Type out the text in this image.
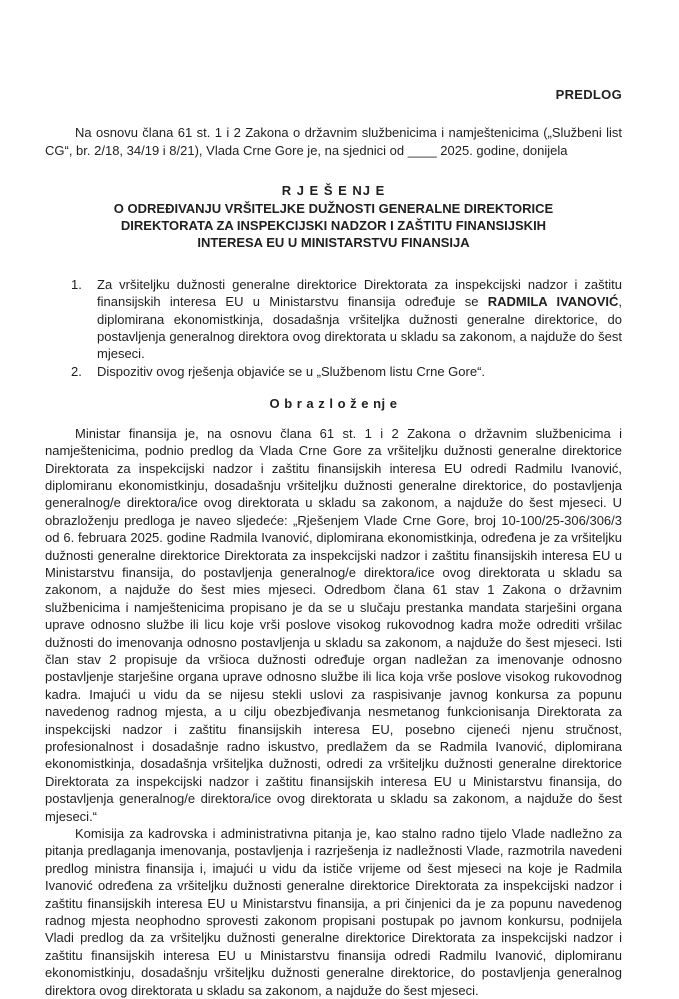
PREDLOG

Na osnovu člana 61 st. 1 i 2 Zakona o državnim službenicima i namještenicima („Službeni list CG“, br. 2/18, 34/19 i 8/21), Vlada Crne Gore je, na sjednici od ____ 2025. godine, donijela

R J E Š E NJ E
O ODREĐIVANJU VRŠITELJKE DUŽNOSTI GENERALNE DIREKTORICE DIREKTORATA ZA INSPEKCIJSKI NADZOR I ZAŠTITU FINANSIJSKIH INTERESA EU U MINISTARSTVU FINANSIJA
1.	Za vršiteljku dužnosti generalne direktorice Direktorata za inspekcijski nadzor i zaštitu finansijskih interesa EU u Ministarstvu finansija određuje se RADMILA IVANOVIĆ, diplomirana ekonomistkinja, dosadašnja vršiteljka dužnosti generalne direktorice, do postavljenja generalnog direktora ovog direktorata u skladu sa zakonom, a najduže do šest mjeseci.
2.	Dispozitiv ovog rješenja objaviće se u „Službenom listu Crne Gore“.
O b r a z l o ž e nj e

Ministar finansija je, na osnovu člana 61 st. 1 i 2 Zakona o državnim službenicima i namještenicima, podnio predlog da Vlada Crne Gore za vršiteljku dužnosti generalne direktorice Direktorata za inspekcijski nadzor i zaštitu finansijskih interesa EU odredi Radmilu Ivanović, diplomiranu ekonomistkinju, dosadašnju vršiteljku dužnosti generalne direktorice, do postavljenja generalnog/e direktora/ice ovog direktorata u skladu sa zakonom, a najduže do šest mjeseci. U obrazloženju predloga je naveo sljedeće: „Rješenjem Vlade Crne Gore, broj 10-100/25-306/306/3 od 6. februara 2025. godine Radmila Ivanović, diplomirana ekonomistkinja, određena je za vršiteljku dužnosti generalne direktorice Direktorata za inspekcijski nadzor i zaštitu finansijskih interesa EU u Ministarstvu finansija, do postavljenja generalnog/e direktora/ice ovog direktorata u skladu sa zakonom, a najduže do šest mies mjeseci. Odredbom člana 61 stav 1 Zakona o državnim službenicima i namještenicima propisano je da se u slučaju prestanka mandata starješini organa uprave odnosno službe ili licu koje vrši poslove visokog rukovodnog kadra može odrediti vršilac dužnosti do imenovanja odnosno postavljenja u skladu sa zakonom, a najduže do šest mjeseci. Isti član stav 2 propisuje da vršioca dužnosti određuje organ nadležan za imenovanje odnosno postavljenje starješine organa uprave odnosno službe ili lica koja vrše poslove visokog rukovodnog kadra. Imajući u vidu da se nijesu stekli uslovi za raspisivanje javnog konkursa za popunu navedenog radnog mjesta, a u cilju obezbjeđivanja nesmetanog funkcionisanja Direktorata za inspekcijski nadzor i zaštitu finansijskih interesa EU, posebno cijeneći njenu stručnost, profesionalnost i dosadašnje radno iskustvo, predlažem da se Radmila Ivanović, diplomirana ekonomistkinja, dosadašnja vršiteljka dužnosti, odredi za vršiteljku dužnosti generalne direktorice Direktorata za inspekcijski nadzor i zaštitu finansijskih interesa EU u Ministarstvu finansija, do postavljenja generalnog/e direktora/ice ovog direktorata u skladu sa zakonom, a najduže do šest mjeseci.“

Komisija za kadrovska i administrativna pitanja je, kao stalno radno tijelo Vlade nadležno za pitanja predlaganja imenovanja, postavljenja i razrješenja iz nadležnosti Vlade, razmotrila navedeni predlog ministra finansija i, imajući u vidu da ističe vrijeme od šest mjeseci na koje je Radmila Ivanović određena za vršiteljku dužnosti generalne direktorice Direktorata za inspekcijski nadzor i zaštitu finansijskih interesa EU u Ministarstvu finansija, a pri činjenici da je za popunu navedenog radnog mjesta neophodno sprovesti zakonom propisani postupak po javnom konkursu, podnijela Vladi predlog da za vršiteljku dužnosti generalne direktorice Direktorata za inspekcijski nadzor i zaštitu finansijskih interesa EU u Ministarstvu finansija odredi Radmilu Ivanović, diplomiranu ekonomistkinju, dosadašnju vršiteljku dužnosti generalne direktorice, do postavljenja generalnog direktora ovog direktorata u skladu sa zakonom, a najduže do šest mjeseci.
